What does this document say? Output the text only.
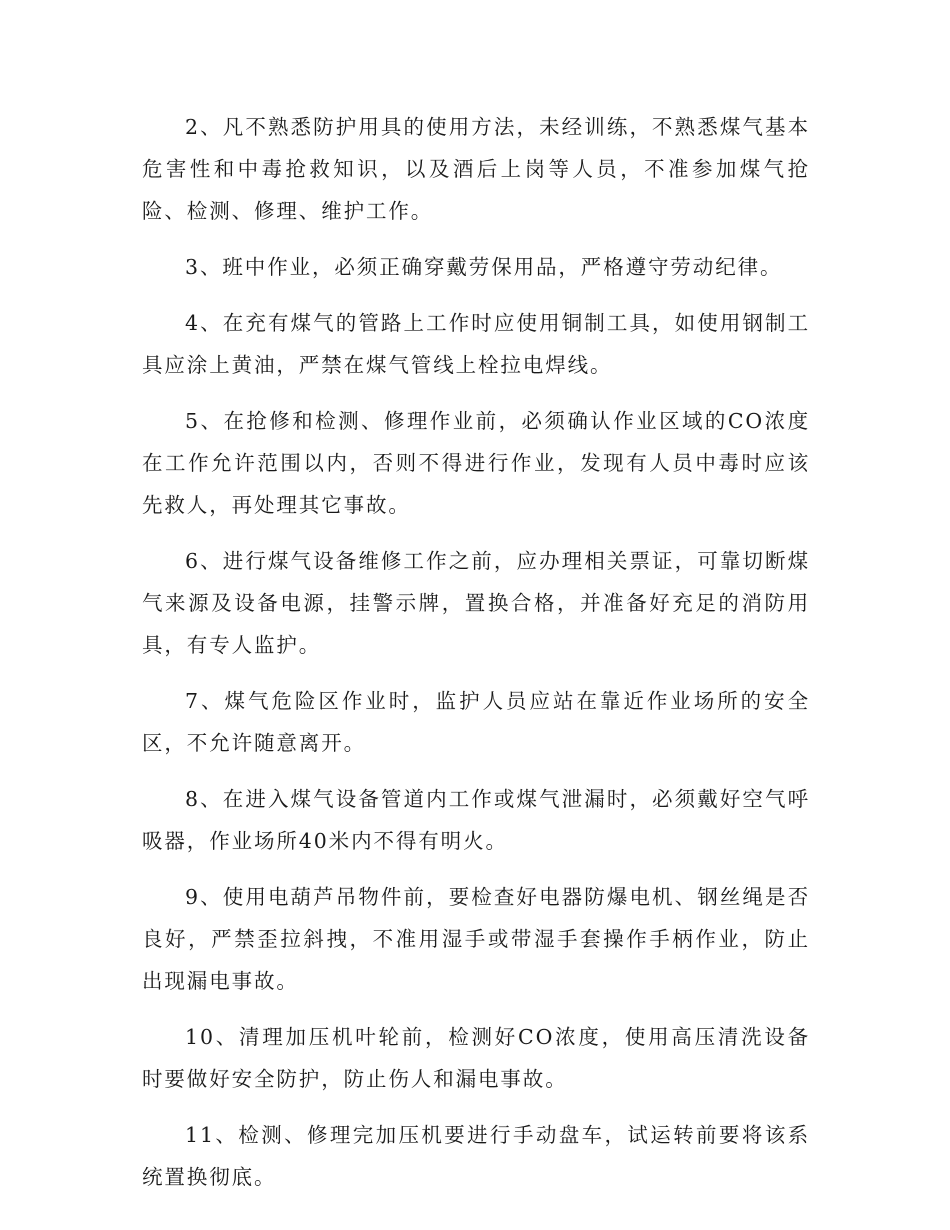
2、凡不熟悉防护用具的使用方法，未经训练，不熟悉煤气基本危害性和中毒抢救知识，以及酒后上岗等人员，不准参加煤气抢险、检测、修理、维护工作。

3、班中作业，必须正确穿戴劳保用品，严格遵守劳动纪律。

4、在充有煤气的管路上工作时应使用铜制工具，如使用钢制工具应涂上黄油，严禁在煤气管线上栓拉电焊线。

5、在抢修和检测、修理作业前，必须确认作业区域的CO浓度在工作允许范围以内，否则不得进行作业，发现有人员中毒时应该先救人，再处理其它事故。

6、进行煤气设备维修工作之前，应办理相关票证，可靠切断煤气来源及设备电源，挂警示牌，置换合格，并准备好充足的消防用具，有专人监护。

7、煤气危险区作业时，监护人员应站在靠近作业场所的安全区，不允许随意离开。

8、在进入煤气设备管道内工作或煤气泄漏时，必须戴好空气呼吸器，作业场所40米内不得有明火。

9、使用电葫芦吊物件前，要检查好电器防爆电机、钢丝绳是否良好，严禁歪拉斜拽，不准用湿手或带湿手套操作手柄作业，防止出现漏电事故。

10、清理加压机叶轮前，检测好CO浓度，使用高压清洗设备时要做好安全防护，防止伤人和漏电事故。

11、检测、修理完加压机要进行手动盘车，试运转前要将该系统置换彻底。
